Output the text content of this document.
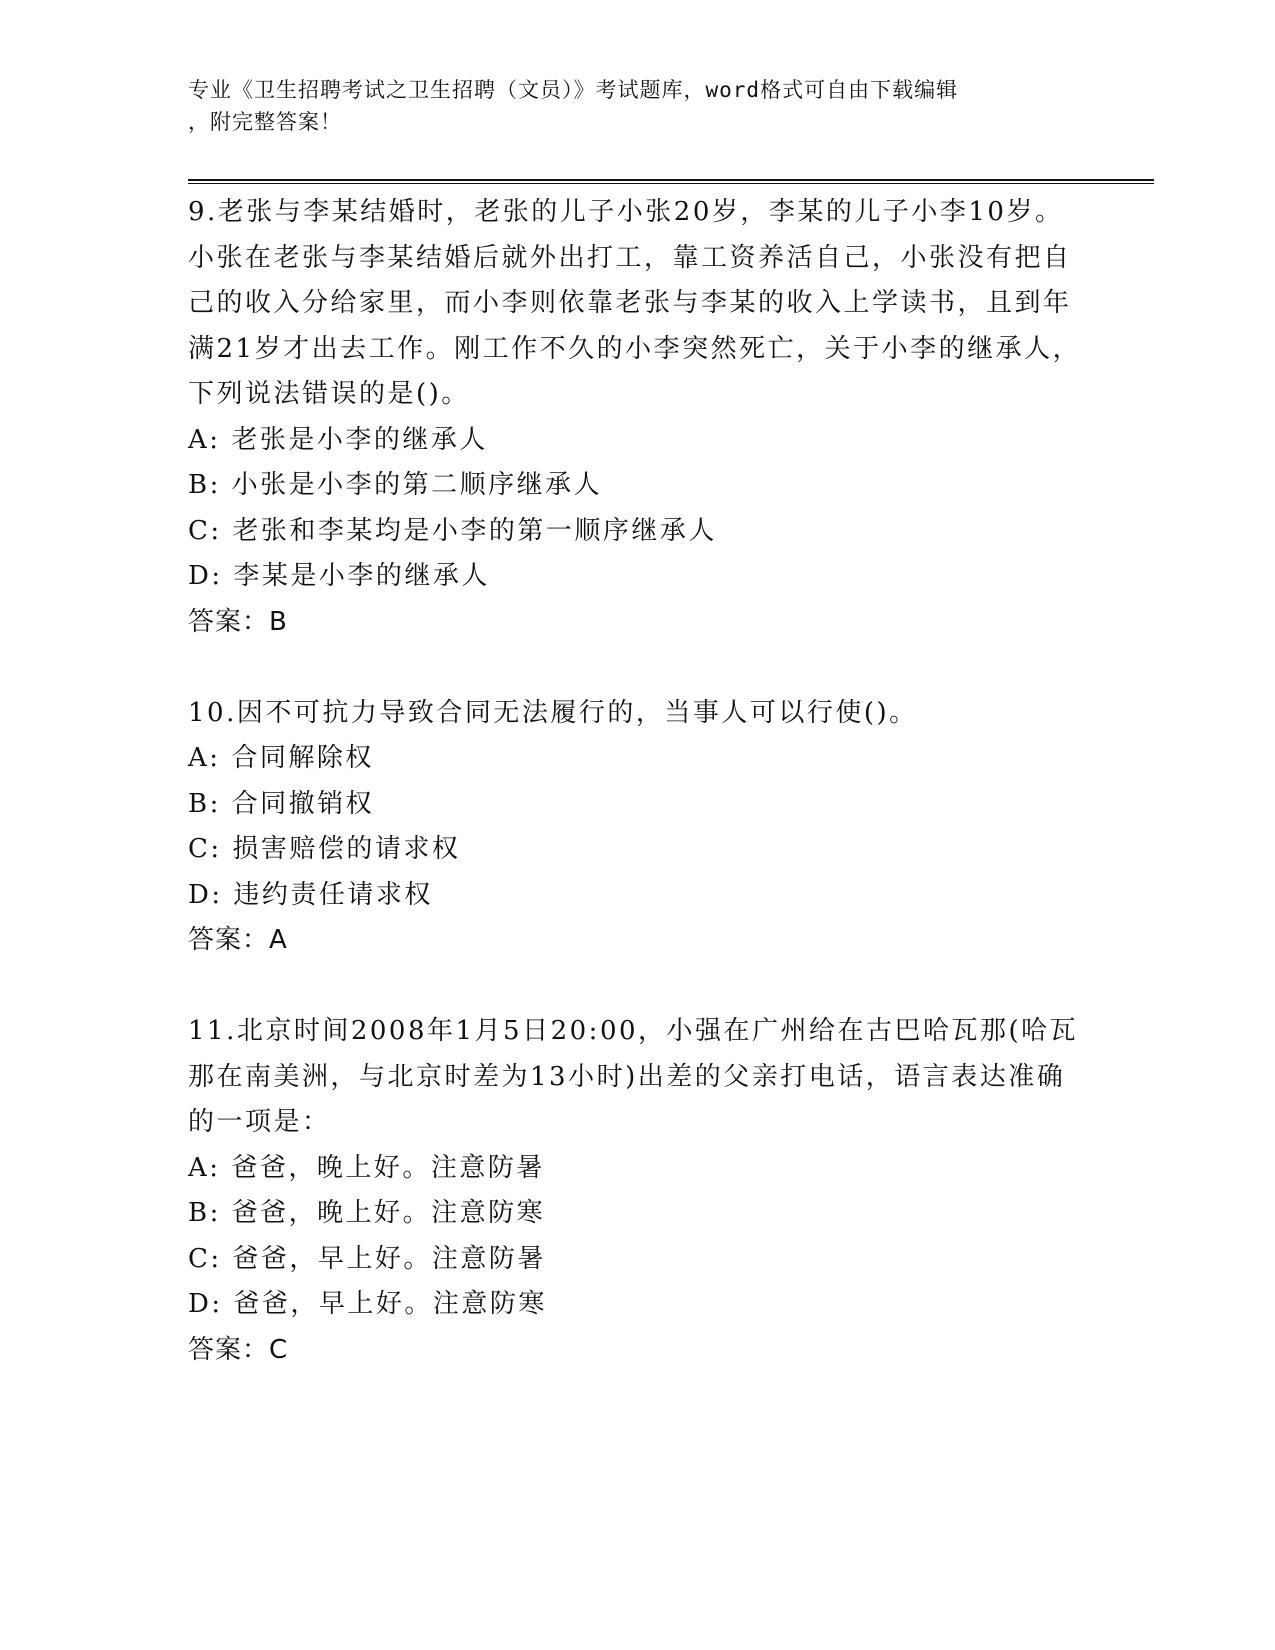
专业《卫生招聘考试之卫生招聘（文员）》考试题库，word格式可自由下载编辑
，附完整答案！

9.老张与李某结婚时，老张的儿子小张20岁，李某的儿子小李10岁。小张在老张与李某结婚后就外出打工，靠工资养活自己，小张没有把自己的收入分给家里，而小李则依靠老张与李某的收入上学读书，且到年满21岁才出去工作。刚工作不久的小李突然死亡，关于小李的继承人，下列说法错误的是()。

A: 老张是小李的继承人

B: 小张是小李的第二顺序继承人

C: 老张和李某均是小李的第一顺序继承人

D: 李某是小李的继承人

答案：B

10.因不可抗力导致合同无法履行的，当事人可以行使()。

A: 合同解除权

B: 合同撤销权

C: 损害赔偿的请求权

D: 违约责任请求权

答案：A

11.北京时间2008年1月5日20:00，小强在广州给在古巴哈瓦那(哈瓦那在南美洲，与北京时差为13小时)出差的父亲打电话，语言表达准确的一项是：

A: 爸爸，晚上好。注意防暑

B: 爸爸，晚上好。注意防寒

C: 爸爸，早上好。注意防暑

D: 爸爸，早上好。注意防寒

答案：C
